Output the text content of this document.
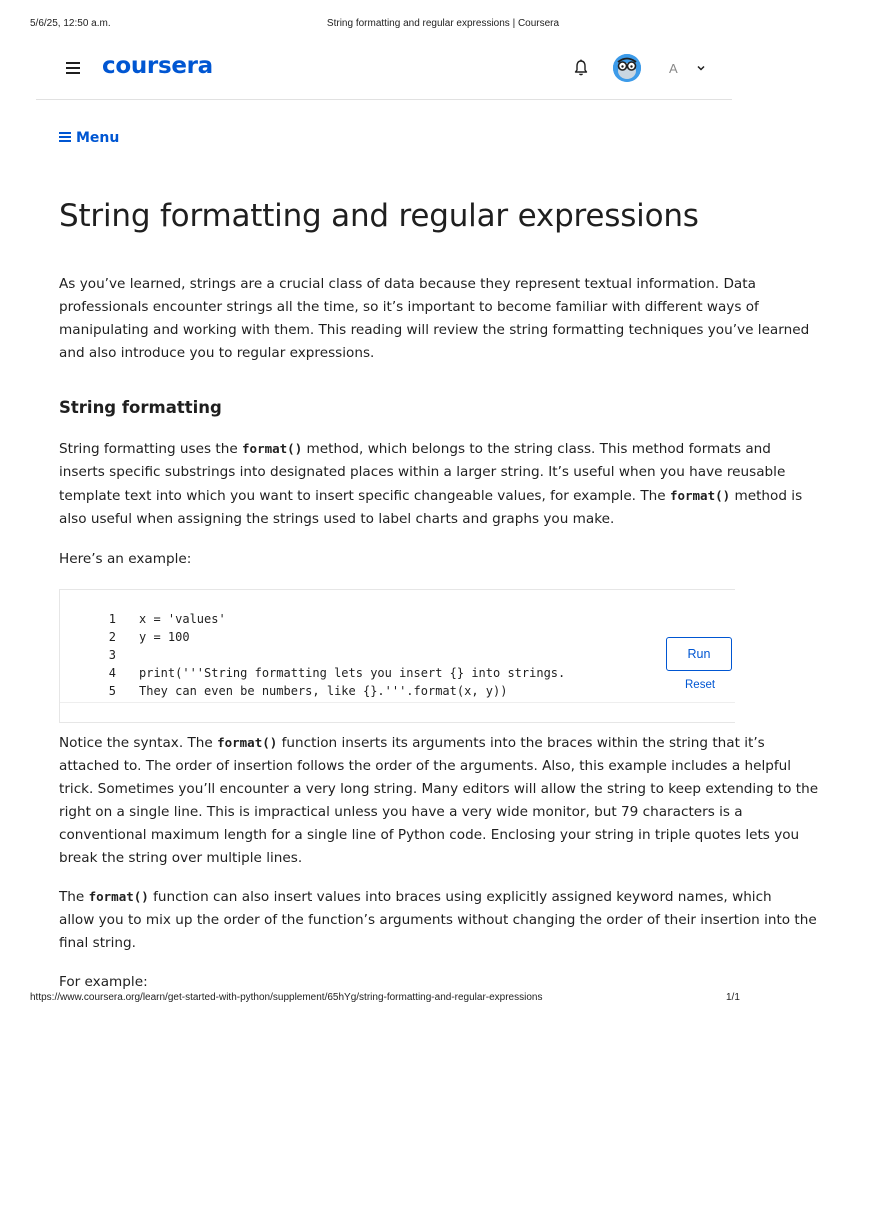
5/6/25, 12:50 a.m.	String formatting and regular expressions | Coursera
coursera	A
Menu
String formatting and regular expressions

As you’ve learned, strings are a crucial class of data because they represent textual information. Data

professionals encounter strings all the time, so it’s important to become familiar with different ways of

manipulating and working with them. This reading will review the string formatting techniques you’ve learned

and also introduce you to regular expressions.

String formatting

String formatting uses the format() method, which belongs to the string class. This method formats and

inserts specific substrings into designated places within a larger string. It’s useful when you have reusable

template text into which you want to insert specific changeable values, for example. The format() method is

also useful when assigning the strings used to label charts and graphs you make.

Here’s an example:

1 x = 'values'

2 y = 100

3

4 print('''String formatting lets you insert {} into strings.

5 They can even be numbers, like {}.'''.format(x, y))

Run
Reset

Notice the syntax. The format() function inserts its arguments into the braces within the string that it’s

attached to. The order of insertion follows the order of the arguments. Also, this example includes a helpful

trick. Sometimes you’ll encounter a very long string. Many editors will allow the string to keep extending to the

right on a single line. This is impractical unless you have a very wide monitor, but 79 characters is a

conventional maximum length for a single line of Python code. Enclosing your string in triple quotes lets you

break the string over multiple lines.

The format() function can also insert values into braces using explicitly assigned keyword names, which

allow you to mix up the order of the function’s arguments without changing the order of their insertion into the

final string.

For example:

https://www.coursera.org/learn/get-started-with-python/supplement/65hYg/string-formatting-and-regular-expressions	1/1
